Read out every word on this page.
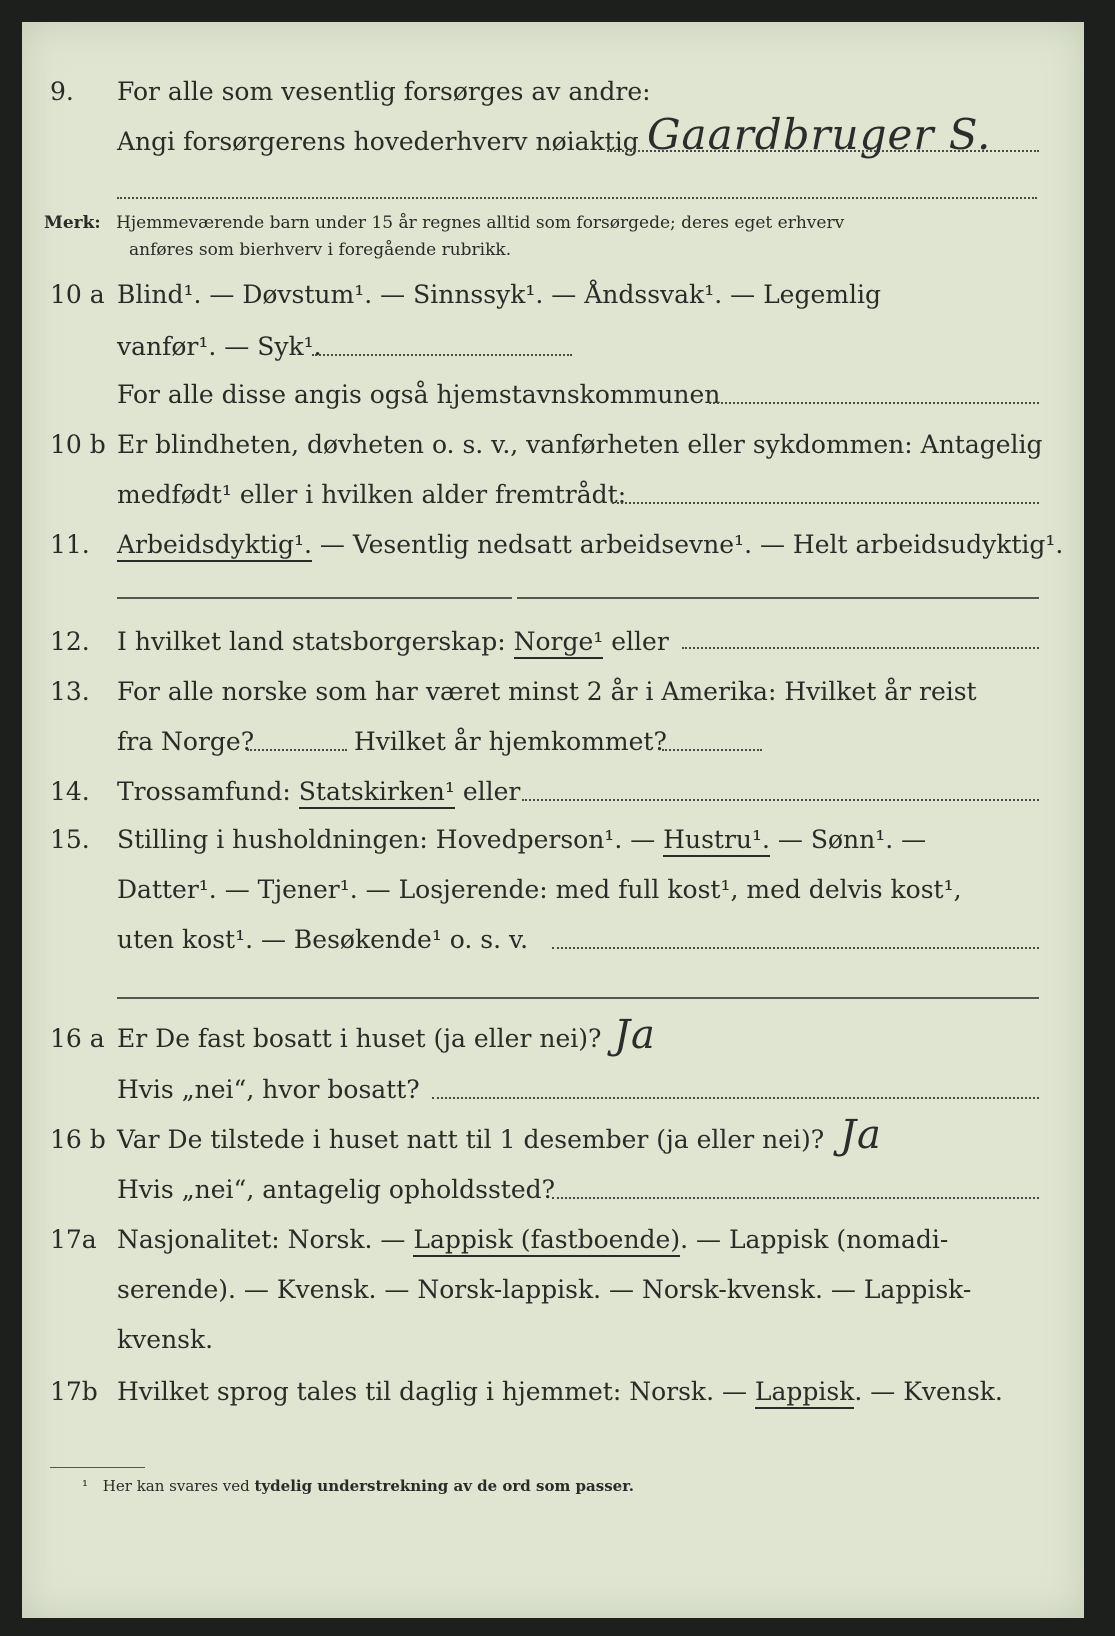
9.	For alle som vesentlig forsørges av andre:
Angi forsørgerens hovederhverv nøiaktig Gaardbruger S.
Merk: Hjemmeværende barn under 15 år regnes alltid som forsørgede; deres eget erhverv
anføres som bierhverv i foregående rubrikk.
10 a Blind¹. — Døvstum¹. — Sinnssyk¹. — Åndssvak¹. — Legemlig
vanfør¹. — Syk¹.
For alle disse angis også hjemstavnskommunen
10 b Er blindheten, døvheten o. s. v., vanførheten eller sykdommen: Antagelig
medfødt¹ eller i hvilken alder fremtrådt:
11.	Arbeidsdyktig¹. — Vesentlig nedsatt arbeidsevne¹. — Helt arbeidsudyktig¹.
12.	I hvilket land statsborgerskap: Norge¹ eller
13.	For alle norske som har været minst 2 år i Amerika: Hvilket år reist
fra Norge?	Hvilket år hjemkommet?
14.	Trossamfund: Statskirken¹ eller
15.	Stilling i husholdningen: Hovedperson¹. — Hustru¹. — Sønn¹. —
Datter¹. — Tjener¹. — Losjerende: med full kost¹, med delvis kost¹,
uten kost¹. — Besøkende¹ o. s. v.
16 a Er De fast bosatt i huset (ja eller nei)? Ja
Hvis „nei“, hvor bosatt?
16 b Var De tilstede i huset natt til 1 desember (ja eller nei)? Ja
Hvis „nei“, antagelig opholdssted?
17a Nasjonalitet: Norsk. — Lappisk (fastboende). — Lappisk (nomadi-
serende). — Kvensk. — Norsk-lappisk. — Norsk-kvensk. — Lappisk-
kvensk.
17b Hvilket sprog tales til daglig i hjemmet: Norsk. — Lappisk. — Kvensk.
¹ Her kan svares ved tydelig understrekning av de ord som passer.
